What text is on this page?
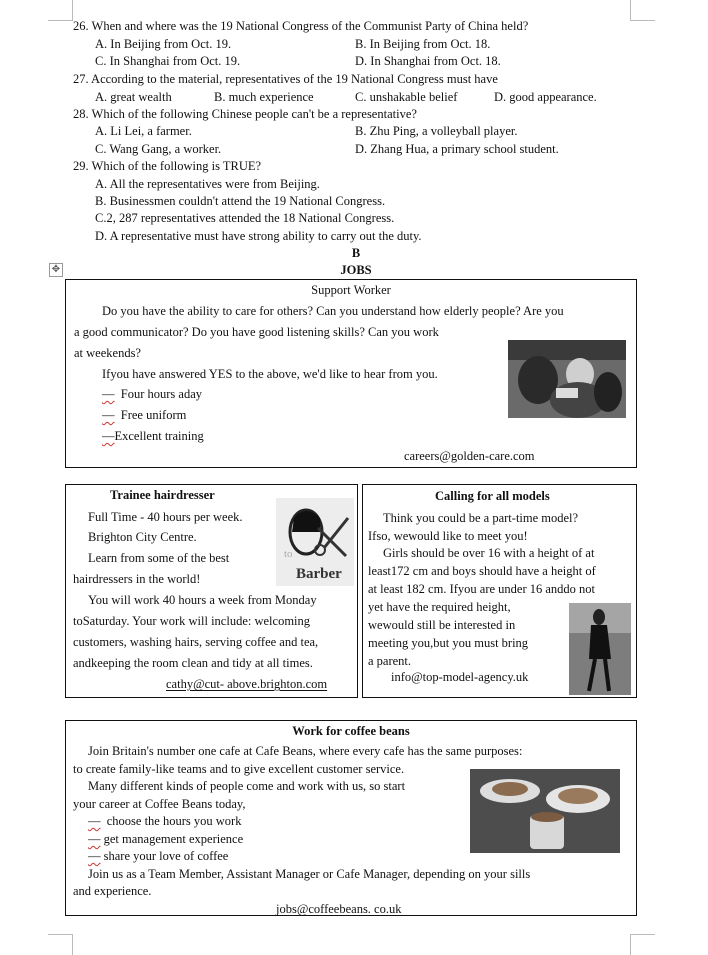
26. When and where was the 19 National Congress of the Communist Party of China held?
A. In Beijing from Oct. 19.	B. In Beijing from Oct. 18.
C. In Shanghai from Oct. 19.	D. In Shanghai from Oct. 18.
27. According to the material, representatives of the 19 National Congress must have
A. great wealth	B. much experience	C. unshakable belief	D. good appearance.
28. Which of the following Chinese people can't be a representative?
A. Li Lei, a farmer.	B. Zhu Ping, a volleyball player.
C. Wang Gang, a worker.	D. Zhang Hua, a primary school student.
29. Which of the following is TRUE?
A. All the representatives were from Beijing.
B. Businessmen couldn't attend the 19 National Congress.
C.2, 287 representatives attended the 18 National Congress.
D. A representative must have strong ability to carry out the duty.
B
JOBS
✥
Support Worker
Do you have the ability to care for others? Can you understand how elderly people? Are you
a good communicator? Do you have good listening skills? Can you work
at weekends?
Ifyou have answered YES to the above, we'd like to hear from you.
— Four hours aday
— Free uniform
—Excellent training
careers@golden-care.com
Trainee hairdresser
Full Time - 40 hours per week.
Brighton City Centre.
Learn from some of the best
hairdressers in the world!
You will work 40 hours a week from Monday
toSaturday. Your work will include: welcoming
customers, washing hairs, serving coffee and tea,
andkeeping the room clean and tidy at all times.
cathy@cut- above.brighton.com
Barber
to
Calling for all models
Think you could be a part-time model?
Ifso, wewould like to meet you!
Girls should be over 16 with a height of at
least172 cm and boys should have a height of
at least 182 cm. Ifyou are under 16 anddo not
yet have the required height,
wewould still be interested in
meeting you,but you must bring
a parent.
info@top-model-agency.uk
Work for coffee beans
Join Britain's number one cafe at Cafe Beans, where every cafe has the same purposes:
to create family-like teams and to give excellent customer service.
Many different kinds of people come and work with us, so start
your career at Coffee Beans today,
— choose the hours you work
— get management experience
— share your love of coffee
Join us as a Team Member, Assistant Manager or Cafe Manager, depending on your sills
and experience.
jobs@coffeebeans. co.uk
